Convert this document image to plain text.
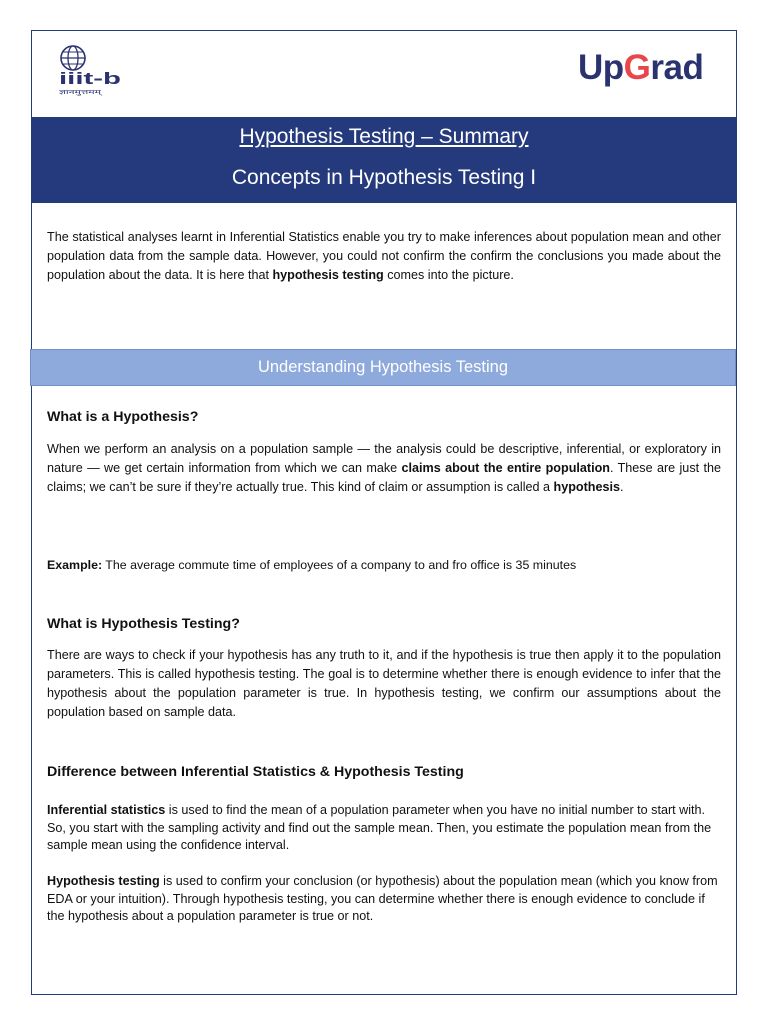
iiit-b
ज्ञानमुत्तमम्
UpGrad
Hypothesis Testing – Summary
Concepts in Hypothesis Testing I
The statistical analyses learnt in Inferential Statistics enable you try to make inferences about population mean and other population data from the sample data. However, you could not confirm the confirm the conclusions you made about the population about the data. It is here that hypothesis testing comes into the picture.
Understanding Hypothesis Testing
What is a Hypothesis?
When we perform an analysis on a population sample — the analysis could be descriptive, inferential, or exploratory in nature — we get certain information from which we can make claims about the entire population. These are just the claims; we can’t be sure if they’re actually true. This kind of claim or assumption is called a hypothesis.
Example: The average commute time of employees of a company to and fro office is 35 minutes
What is Hypothesis Testing?
There are ways to check if your hypothesis has any truth to it, and if the hypothesis is true then apply it to the population parameters. This is called hypothesis testing. The goal is to determine whether there is enough evidence to infer that the hypothesis about the population parameter is true. In hypothesis testing, we confirm our assumptions about the population based on sample data.
Difference between Inferential Statistics & Hypothesis Testing
Inferential statistics is used to find the mean of a population parameter when you have no initial number to start with. So, you start with the sampling activity and find out the sample mean. Then, you estimate the population mean from the sample mean using the confidence interval.
Hypothesis testing is used to confirm your conclusion (or hypothesis) about the population mean (which you know from EDA or your intuition). Through hypothesis testing, you can determine whether there is enough evidence to conclude if the hypothesis about a population parameter is true or not.
